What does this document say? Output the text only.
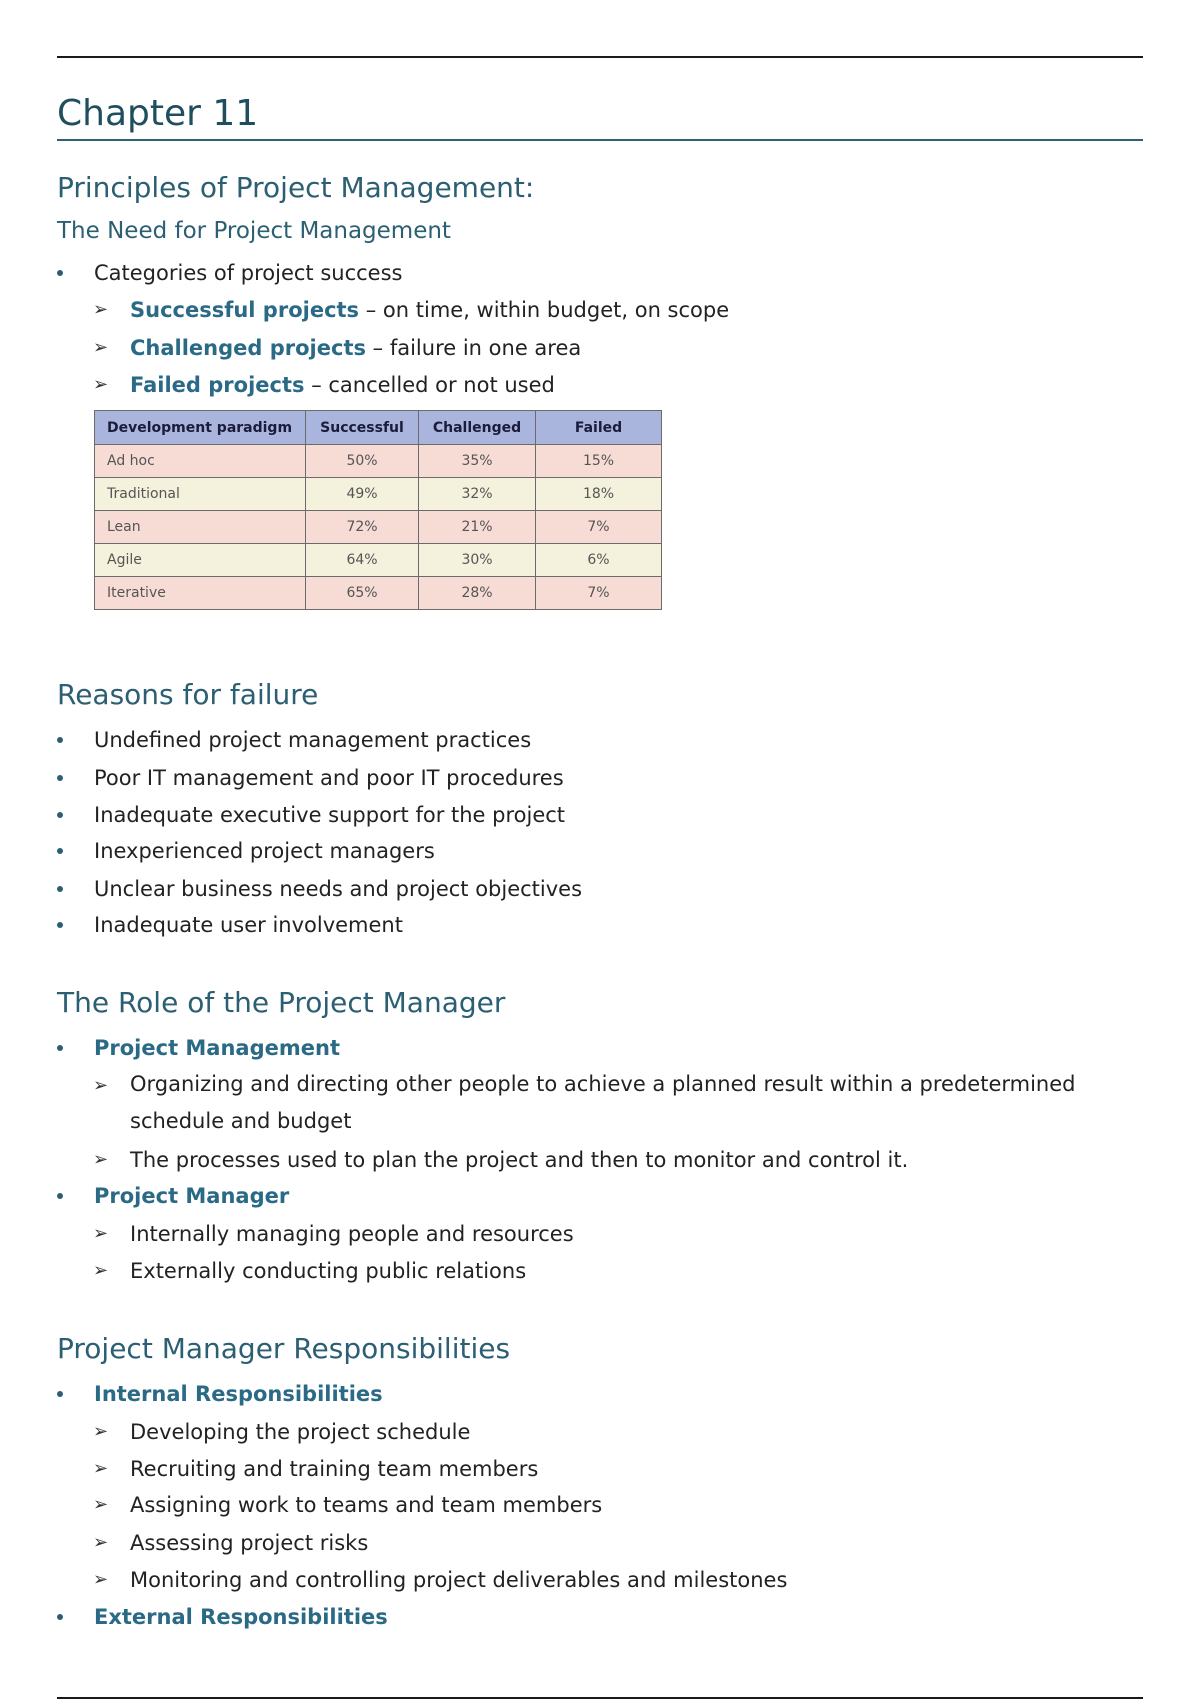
Chapter 11
Principles of Project Management:
The Need for Project Management
Categories of project success
➢ Successful projects – on time, within budget, on scope
➢ Challenged projects – failure in one area
➢ Failed projects – cancelled or not used
Development paradigm	Successful	Challenged	Failed
Ad hoc	50%	35%	15%
Traditional	49%	32%	18%
Lean	72%	21%	7%
Agile	64%	30%	6%
Iterative	65%	28%	7%
Reasons for failure
Undefined project management practices
Poor IT management and poor IT procedures
Inadequate executive support for the project
Inexperienced project managers
Unclear business needs and project objectives
Inadequate user involvement
The Role of the Project Manager
Project Management
➢ Organizing and directing other people to achieve a planned result within a predetermined schedule and budget
➢ The processes used to plan the project and then to monitor and control it.
Project Manager
➢ Internally managing people and resources
➢ Externally conducting public relations
Project Manager Responsibilities
Internal Responsibilities
➢ Developing the project schedule
➢ Recruiting and training team members
➢ Assigning work to teams and team members
➢ Assessing project risks
➢ Monitoring and controlling project deliverables and milestones
External Responsibilities
